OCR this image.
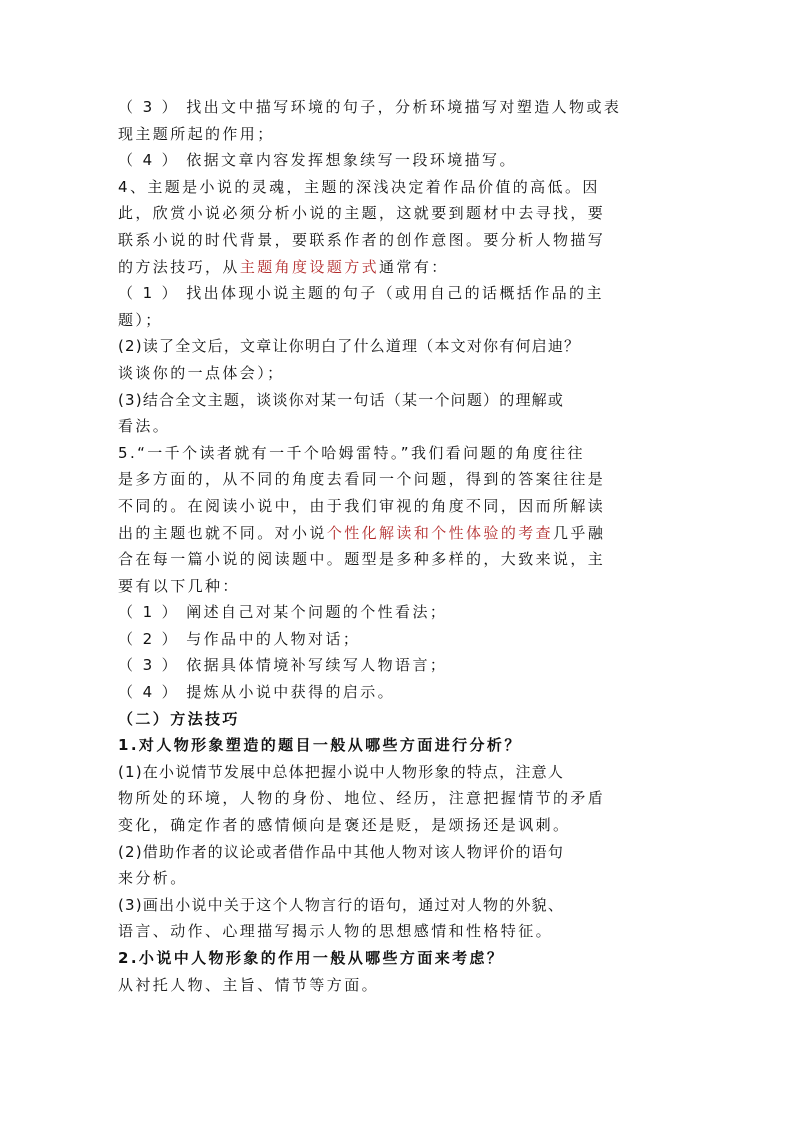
（ 3 ） 找出文中描写环境的句子，分析环境描写对塑造人物或表
现主题所起的作用；
（ 4 ） 依据文章内容发挥想象续写一段环境描写。
4、主题是小说的灵魂，主题的深浅决定着作品价值的高低。因
此，欣赏小说必须分析小说的主题，这就要到题材中去寻找，要
联系小说的时代背景，要联系作者的创作意图。要分析人物描写
的方法技巧，从主题角度设题方式通常有：
（ 1 ） 找出体现小说主题的句子（或用自己的话概括作品的主
题）；
(2)读了全文后，文章让你明白了什么道理（本文对你有何启迪？
谈谈你的一点体会）；
(3)结合全文主题，谈谈你对某一句话（某一个问题）的理解或
看法。
5.“一千个读者就有一千个哈姆雷特。”我们看问题的角度往往
是多方面的，从不同的角度去看同一个问题，得到的答案往往是
不同的。在阅读小说中，由于我们审视的角度不同，因而所解读
出的主题也就不同。对小说个性化解读和个性体验的考查几乎融
合在每一篇小说的阅读题中。题型是多种多样的，大致来说，主
要有以下几种：
（ 1 ） 阐述自己对某个问题的个性看法；
（ 2 ） 与作品中的人物对话；
（ 3 ） 依据具体情境补写续写人物语言；
（ 4 ） 提炼从小说中获得的启示。
（二）方法技巧
1.对人物形象塑造的题目一般从哪些方面进行分析？
(1)在小说情节发展中总体把握小说中人物形象的特点，注意人
物所处的环境，人物的身份、地位、经历，注意把握情节的矛盾
变化，确定作者的感情倾向是褒还是贬，是颂扬还是讽刺。
(2)借助作者的议论或者借作品中其他人物对该人物评价的语句
来分析。
(3)画出小说中关于这个人物言行的语句，通过对人物的外貌、
语言、动作、心理描写揭示人物的思想感情和性格特征。
2.小说中人物形象的作用一般从哪些方面来考虑？
从衬托人物、主旨、情节等方面。
